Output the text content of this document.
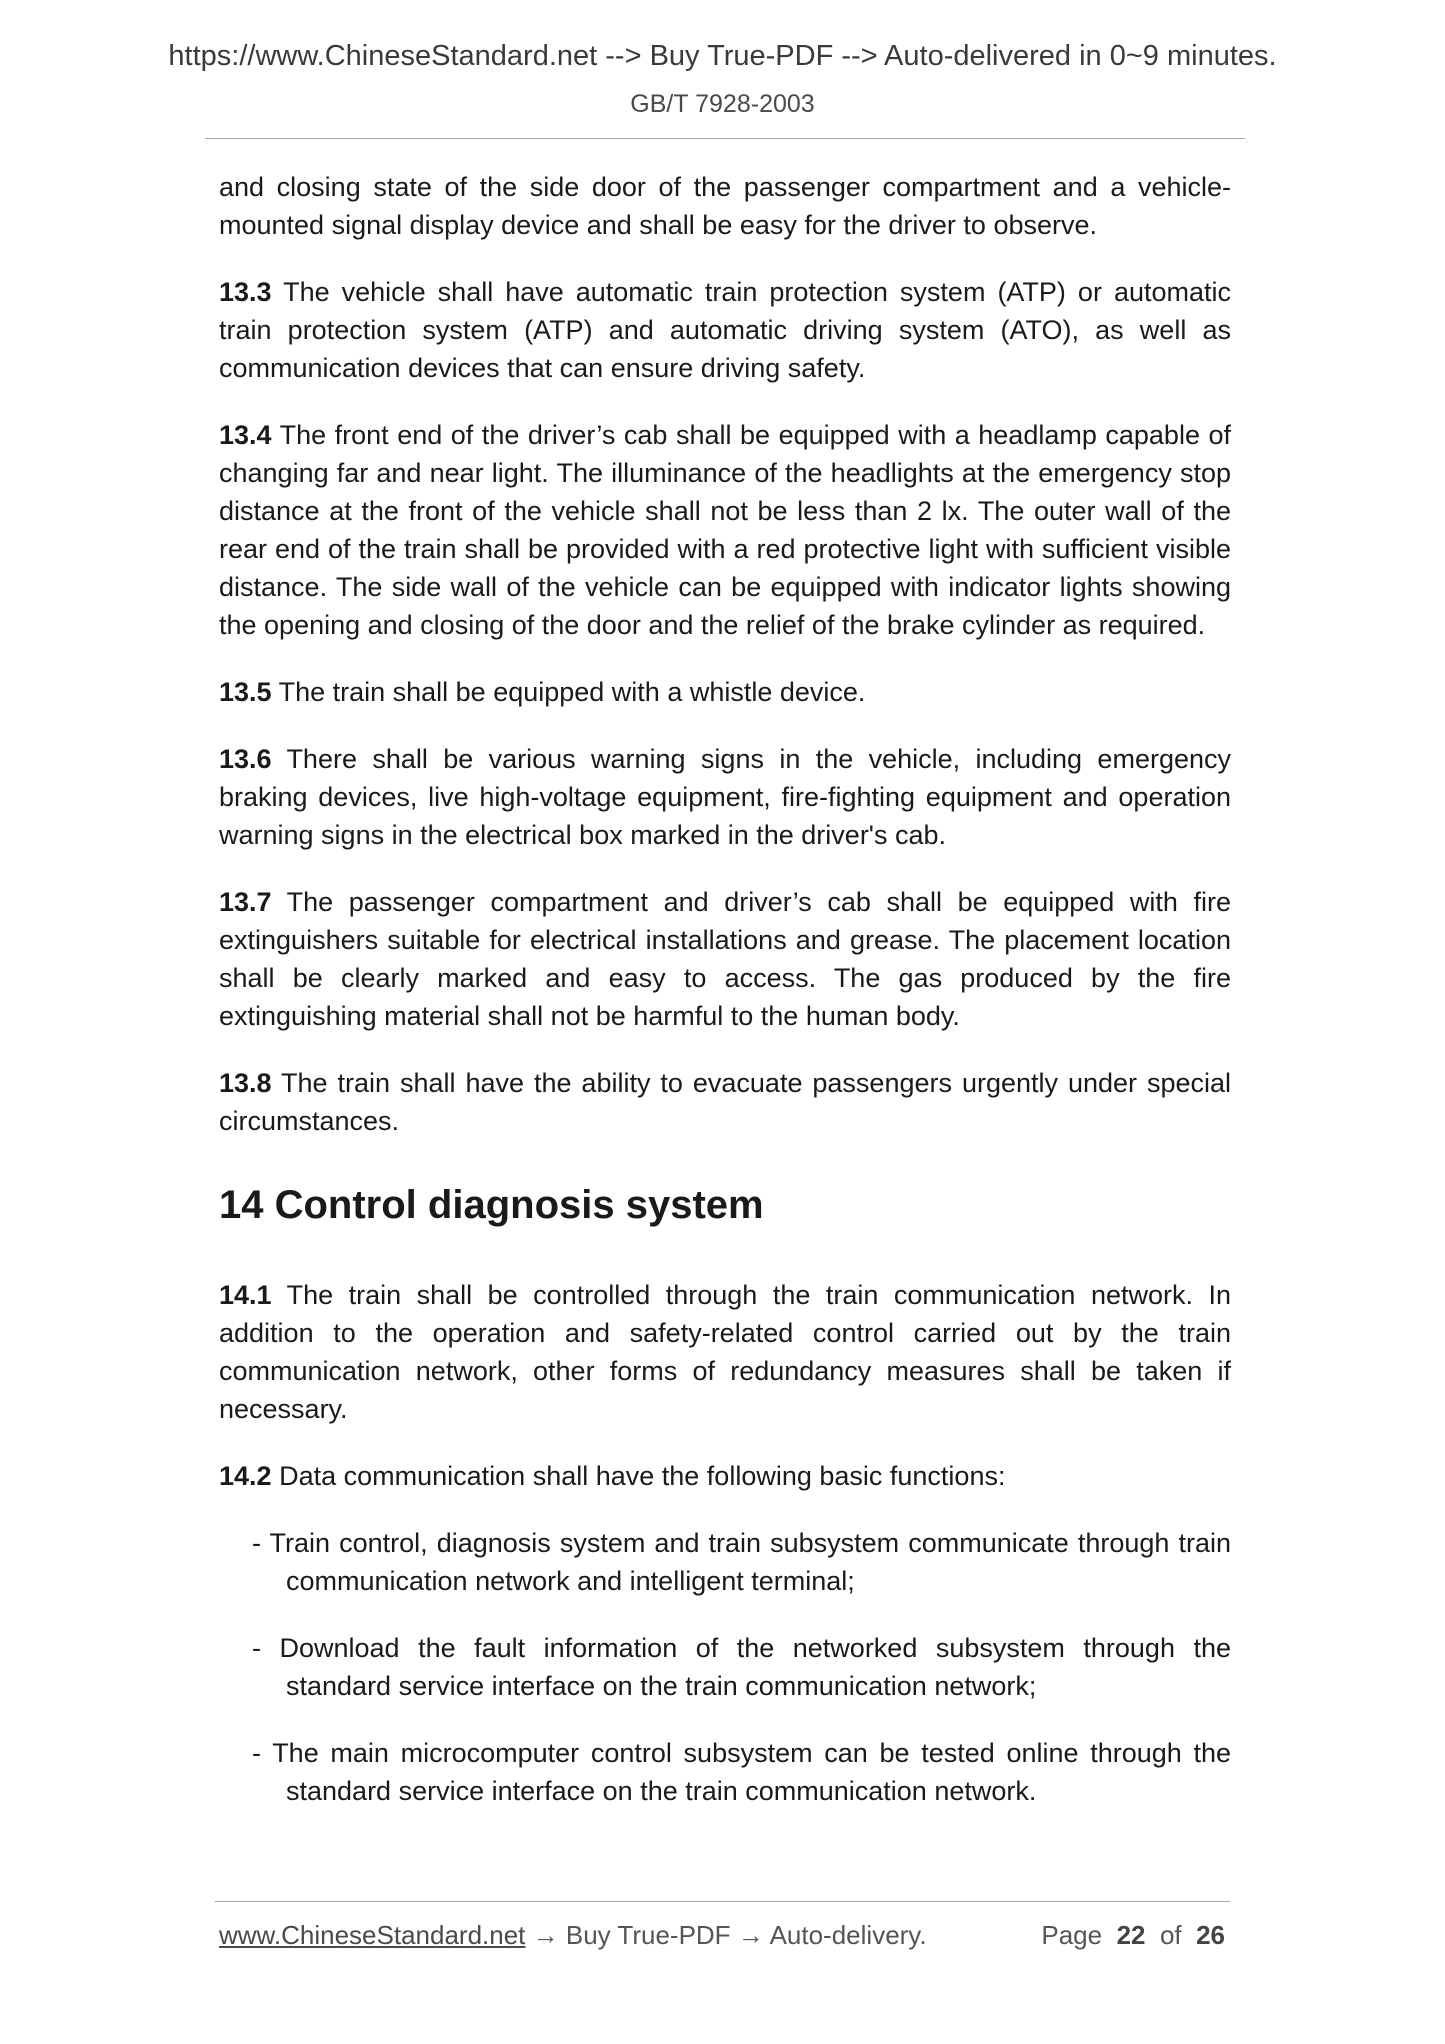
https://www.ChineseStandard.net --> Buy True-PDF --> Auto-delivered in 0~9 minutes.
GB/T 7928-2003

and closing state of the side door of the passenger compartment and a vehicle-mounted signal display device and shall be easy for the driver to observe.

13.3 The vehicle shall have automatic train protection system (ATP) or automatic train protection system (ATP) and automatic driving system (ATO), as well as communication devices that can ensure driving safety.

13.4 The front end of the driver’s cab shall be equipped with a headlamp capable of changing far and near light. The illuminance of the headlights at the emergency stop distance at the front of the vehicle shall not be less than 2 lx. The outer wall of the rear end of the train shall be provided with a red protective light with sufficient visible distance. The side wall of the vehicle can be equipped with indicator lights showing the opening and closing of the door and the relief of the brake cylinder as required.

13.5 The train shall be equipped with a whistle device.

13.6 There shall be various warning signs in the vehicle, including emergency braking devices, live high-voltage equipment, fire-fighting equipment and operation warning signs in the electrical box marked in the driver's cab.

13.7 The passenger compartment and driver’s cab shall be equipped with fire extinguishers suitable for electrical installations and grease. The placement location shall be clearly marked and easy to access. The gas produced by the fire extinguishing material shall not be harmful to the human body.

13.8 The train shall have the ability to evacuate passengers urgently under special circumstances.

14 Control diagnosis system

14.1 The train shall be controlled through the train communication network. In addition to the operation and safety-related control carried out by the train communication network, other forms of redundancy measures shall be taken if necessary.

14.2 Data communication shall have the following basic functions:

- Train control, diagnosis system and train subsystem communicate through train communication network and intelligent terminal;

- Download the fault information of the networked subsystem through the standard service interface on the train communication network;

- The main microcomputer control subsystem can be tested online through the standard service interface on the train communication network.

www.ChineseStandard.net → Buy True-PDF → Auto-delivery.	Page 22 of 26
